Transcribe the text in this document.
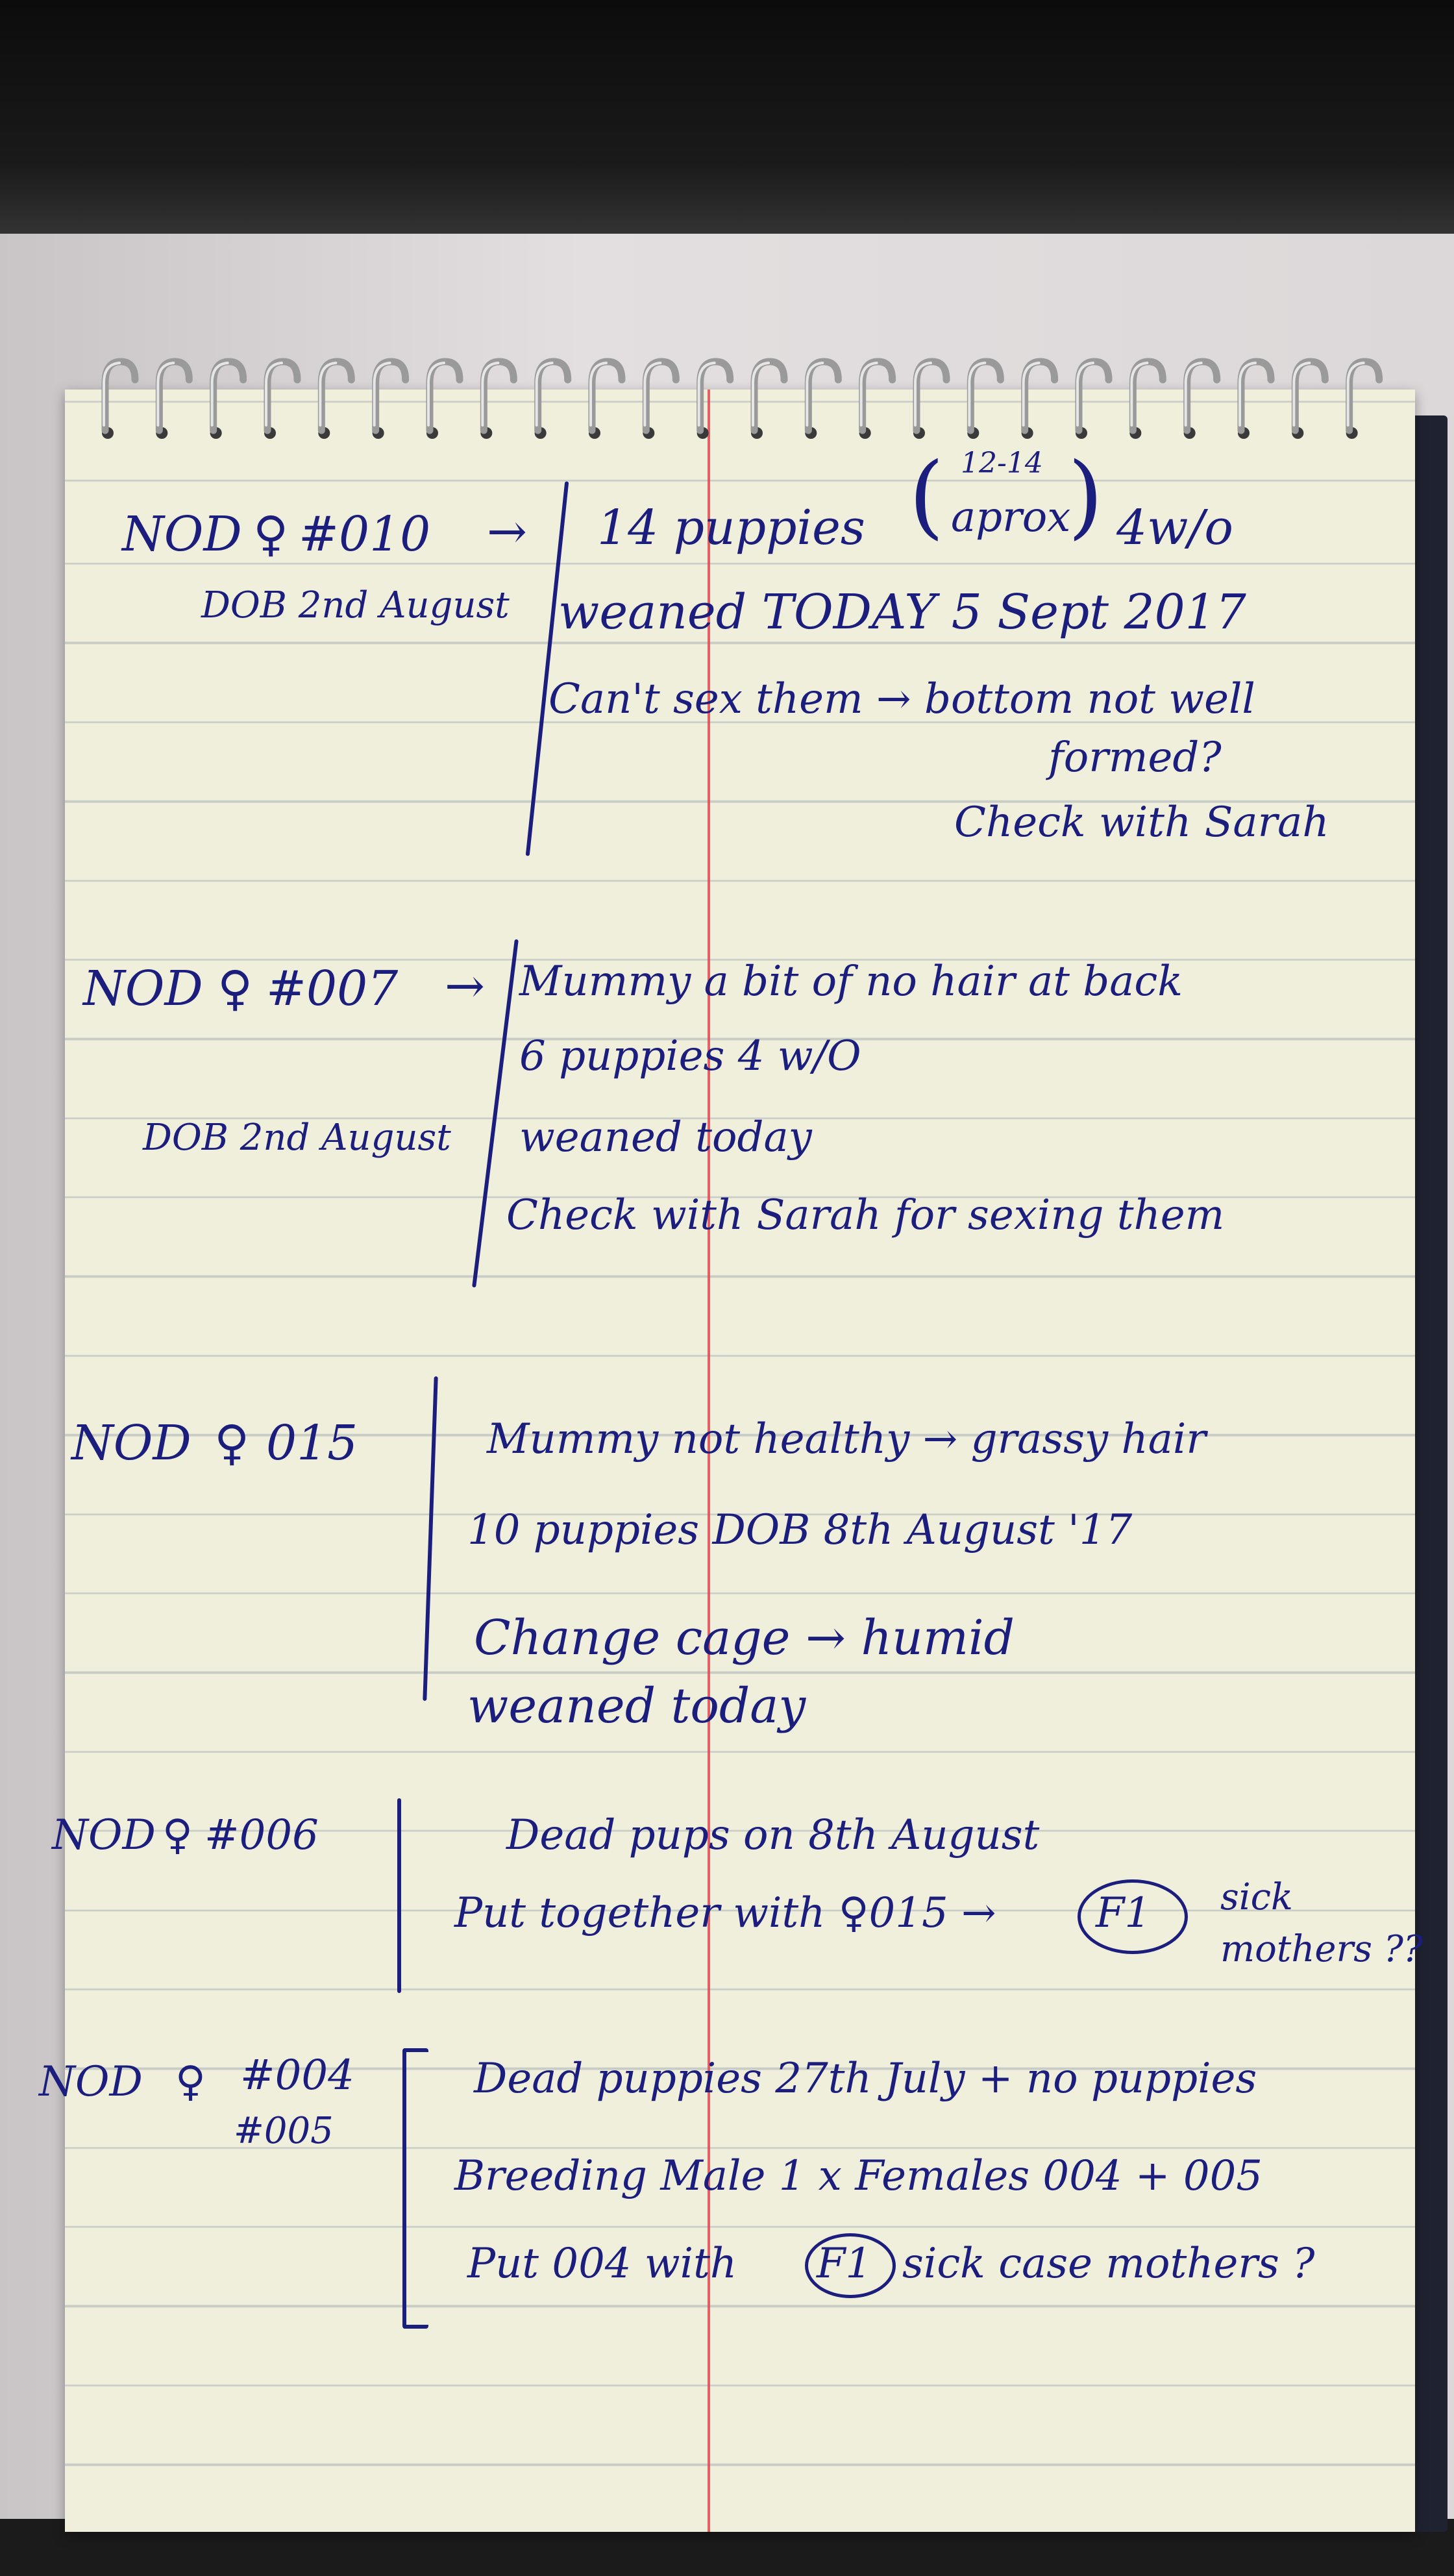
NOD ♀ #010 →
DOB 2nd August
14 puppies ( 12-14
aprox
) 4w/o
weaned TODAY 5 Sept 2017
Can't sex them → bottom not well
formed?
Check with Sarah
NOD ♀ #007 →
DOB 2nd August
Mummy a bit of no hair at back
6 puppies 4 w/O
weaned today
Check with Sarah for sexing them
NOD ♀ 015	Mummy not healthy → grassy hair
10 puppies DOB 8th August '17
Change cage → humid
weaned today
NOD ♀ #006	Dead pups on 8th August
Put together with ♀015 → F1 sick
mothers ??
NOD ♀ #004
#005
Dead puppies 27th July + no puppies
Breeding Male 1 x Females 004 + 005
Put 004 with F1 sick case mothers ?
